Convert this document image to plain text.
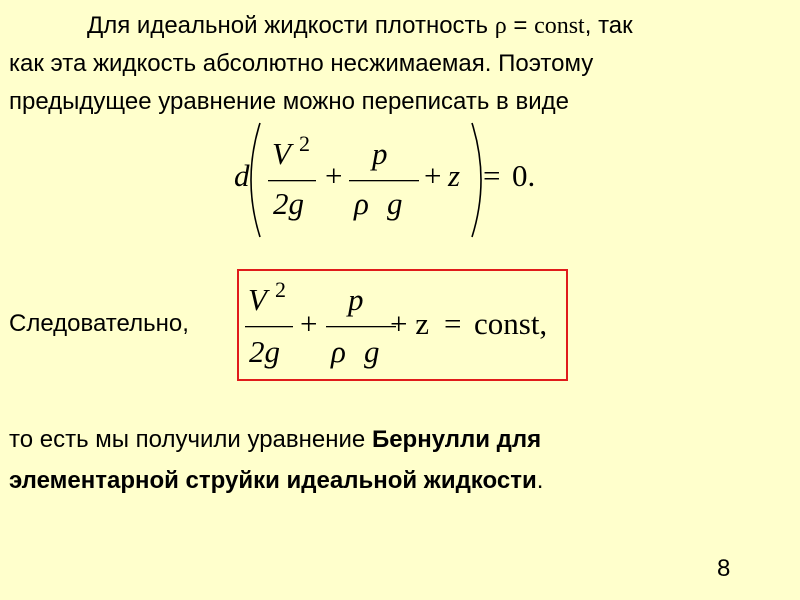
Для идеальной жидкости плотность ρ = const, так
как эта жидкость абсолютно несжимаемая. Поэтому
предыдущее уравнение можно переписать в виде
d
V 2
2g
+
p
ρ g
+ z = 0.
Следовательно,
V 2
2g
+
p
ρ g
+ z = const,
то есть мы получили уравнение Бернулли для
элементарной струйки идеальной жидкости.
8
